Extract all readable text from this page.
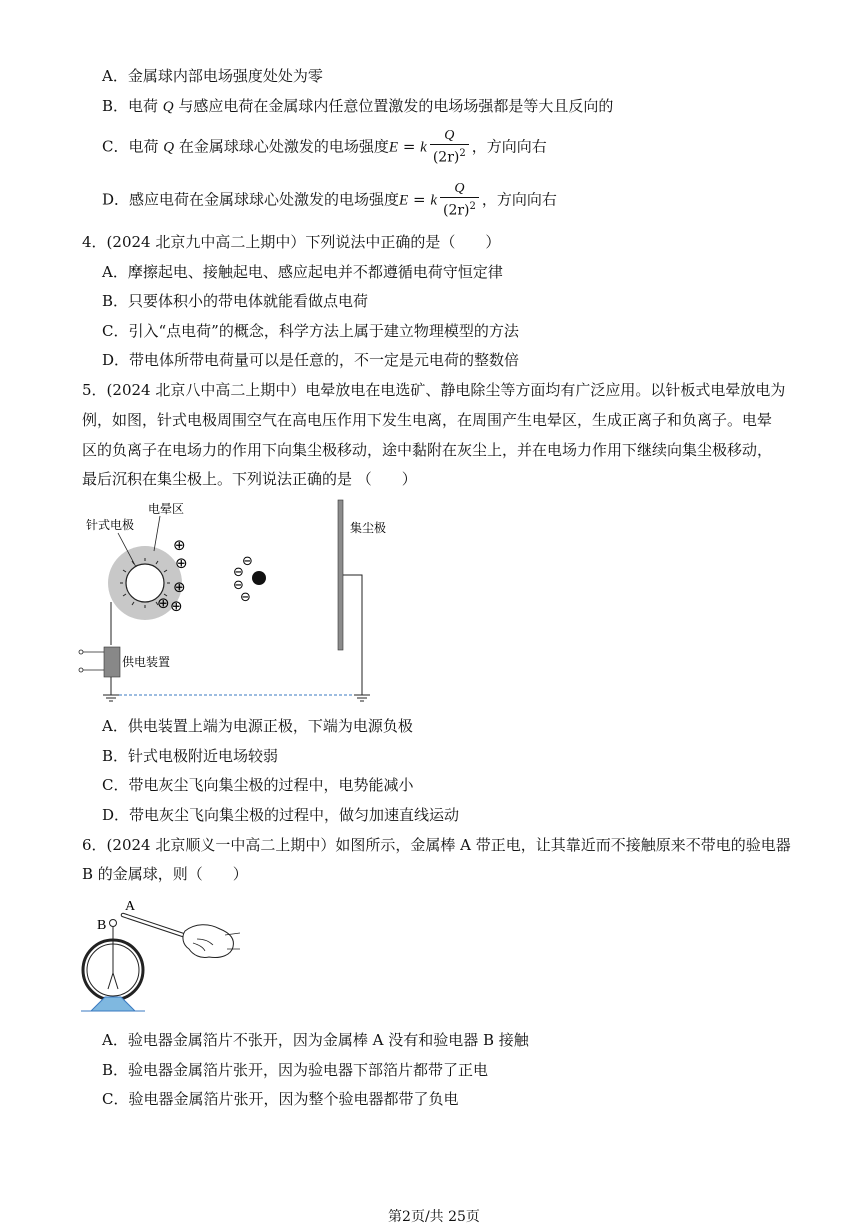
A．金属球内部电场强度处处为零
B．电荷 Q 与感应电荷在金属球内任意位置激发的电场场强都是等大且反向的
C．电荷 Q 在金属球球心处激发的电场强度E = k $\frac{Q}{(2r)^2}$ ，方向向右
D．感应电荷在金属球球心处激发的电场强度E = k $\frac{Q}{(2r)^2}$ ，方向向右
4．(2024 北京九中高二上期中）下列说法中正确的是（　　）
A．摩擦起电、接触起电、感应起电并不都遵循电荷守恒定律
B．只要体积小的带电体就能看做点电荷
C．引入“点电荷”的概念，科学方法上属于建立物理模型的方法
D．带电体所带电荷量可以是任意的，不一定是元电荷的整数倍
5．(2024 北京八中高二上期中）电晕放电在电选矿、静电除尘等方面均有广泛应用。以针板式电晕放电为
例，如图，针式电极周围空气在高电压作用下发生电离，在周围产生电晕区，生成正离子和负离子。电晕
区的负离子在电场力的作用下向集尘极移动，途中黏附在灰尘上，并在电场力作用下继续向集尘极移动，
最后沉积在集尘极上。下列说法正确的是 （　　）
电晕区
针式电极
⊕
⊕
⊕
⊕
⊕
⊖
⊖
⊖
⊖
集尘极
供电装置
A．供电装置上端为电源正极，下端为电源负极
B．针式电极附近电场较弱
C．带电灰尘飞向集尘极的过程中，电势能减小
D．带电灰尘飞向集尘极的过程中，做匀加速直线运动
6．(2024 北京顺义一中高二上期中）如图所示，金属棒 A 带正电，让其靠近而不接触原来不带电的验电器
B 的金属球，则（　　）
A
B
A．验电器金属箔片不张开，因为金属棒 A 没有和验电器 B 接触
B．验电器金属箔片张开，因为验电器下部箔片都带了正电
C．验电器金属箔片张开，因为整个验电器都带了负电
第2页/共 25页
